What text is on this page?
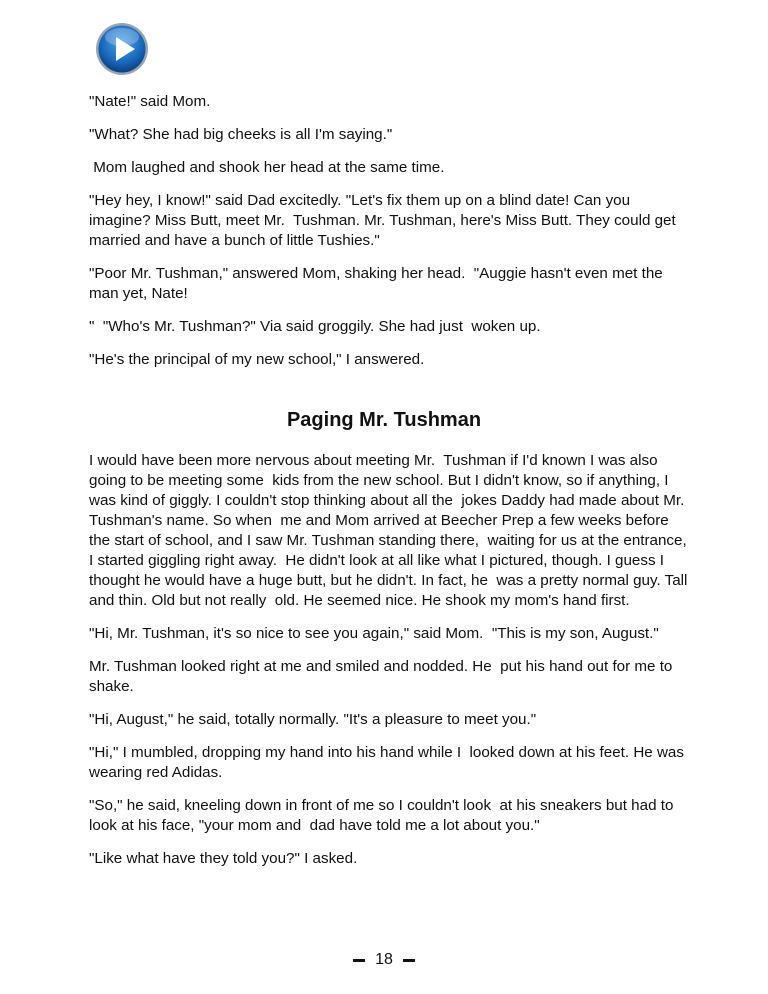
"Nate!" said Mom.

"What? She had big cheeks is all I'm saying."

Mom laughed and shook her head at the same time.

"Hey hey, I know!" said Dad excitedly. "Let's fix them up on a blind date! Can you imagine? Miss Butt, meet Mr.  Tushman. Mr. Tushman, here's Miss Butt. They could get married and have a bunch of little Tushies."

"Poor Mr. Tushman," answered Mom, shaking her head.  "Auggie hasn't even met the man yet, Nate!

"  "Who's Mr. Tushman?" Via said groggily. She had just  woken up.

"He's the principal of my new school," I answered.

Paging Mr. Tushman

I would have been more nervous about meeting Mr.  Tushman if I'd known I was also going to be meeting some  kids from the new school. But I didn't know, so if anything, I was kind of giggly. I couldn't stop thinking about all the  jokes Daddy had made about Mr. Tushman's name. So when  me and Mom arrived at Beecher Prep a few weeks before  the start of school, and I saw Mr. Tushman standing there,  waiting for us at the entrance, I started giggling right away.  He didn't look at all like what I pictured, though. I guess I  thought he would have a huge butt, but he didn't. In fact, he  was a pretty normal guy. Tall and thin. Old but not really  old. He seemed nice. He shook my mom's hand first.

"Hi, Mr. Tushman, it's so nice to see you again," said Mom.  "This is my son, August."

Mr. Tushman looked right at me and smiled and nodded. He  put his hand out for me to shake.

"Hi, August," he said, totally normally. "It's a pleasure to meet you."

"Hi," I mumbled, dropping my hand into his hand while I  looked down at his feet. He was wearing red Adidas.

"So," he said, kneeling down in front of me so I couldn't look  at his sneakers but had to look at his face, "your mom and  dad have told me a lot about you."

"Like what have they told you?" I asked.

18
